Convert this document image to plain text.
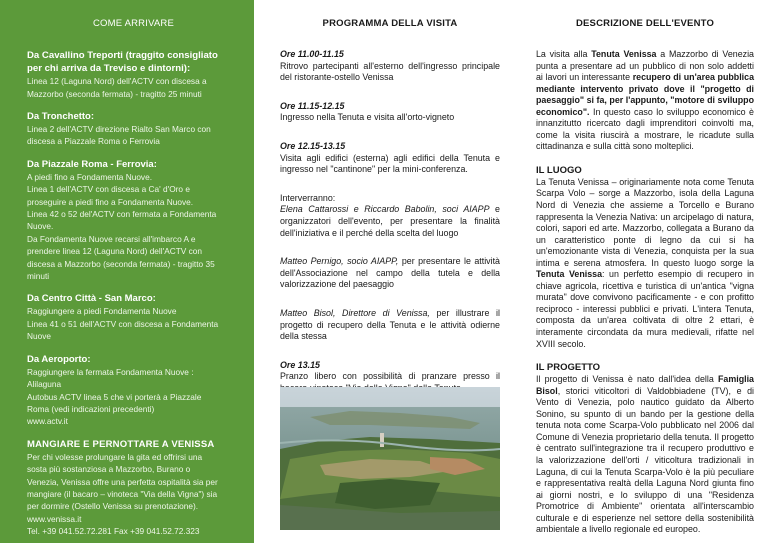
COME ARRIVARE
Da Cavallino Treporti (traggito consigliato
per chi arriva da Treviso e dintorni):
Linea 12 (Laguna Nord) dell'ACTV con discesa a
Mazzorbo (seconda fermata) - tragitto 25 minuti
Da Tronchetto:
Linea 2 dell'ACTV direzione Rialto San Marco con
discesa a Piazzale Roma o Ferrovia
Da Piazzale Roma - Ferrovia:
A piedi fino a Fondamenta Nuove.
Linea 1 dell'ACTV con discesa a Ca' d'Oro e
proseguire a piedi fino a Fondamenta Nuove.
Linea 42 o 52 del'ACTV con fermata a Fondamenta
Nuove.
Da Fondamenta Nuove recarsi all'imbarco A e
prendere linea 12 (Laguna Nord) dell'ACTV con
discesa a Mazzorbo (seconda fermata) - tragitto 35
minuti
Da Centro Città - San Marco:
Raggiungere a piedi Fondamenta Nuove
Linea 41 o 51 dell'ACTV con discesa a Fondamenta
Nuove
Da Aeroporto:
Raggiungere la fermata Fondamenta Nuove :
Alilaguna
Autobus ACTV linea 5 che vi porterà a Piazzale
Roma (vedi indicazioni precedenti)
www.actv.it
MANGIARE E PERNOTTARE A VENISSA
Per chi volesse prolungare la gita ed offrirsi una
sosta più sostanziosa a Mazzorbo, Burano o
Venezia, Venissa offre una perfetta ospitalità sia per
mangiare (il bacaro – vinoteca "Via della Vigna") sia
per dormire (Ostello Venissa su prenotazione).
www.venissa.it
Tel. +39 041.52.72.281 Fax +39 041.52.72.323
PROGRAMMA DELLA VISITA
Ore 11.00-11.15
Ritrovo partecipanti all'esterno dell'ingresso principale del ristorante-ostello Venissa
Ore 11.15-12.15
Ingresso nella Tenuta e visita all'orto-vigneto
Ore 12.15-13.15
Visita agli edifici (esterna) agli edifici della Tenuta e ingresso nel "cantinone" per la mini-conferenza.
Interverranno:
Elena Cattarossi e Riccardo Babolin, soci AIAPP e organizzatori dell'evento, per presentare la finalità dell'iniziativa e il perché della scelta del luogo
Matteo Pernigo, socio AIAPP, per presentare le attività dell'Associazione nel campo della tutela e della valorizzazione del paesaggio
Matteo Bisol, Direttore di Venissa, per illustrare il progetto di recupero della Tenuta e le attività odierne della stessa
Ore 13.15
Pranzo libero con possibilità di pranzare presso il
DESCRIZIONE DELL'EVENTO

La visita alla Tenuta Venissa a Mazzorbo di Venezia punta a presentare ad un pubblico di non solo addetti ai lavori un interessante recupero di un'area pubblica mediante intervento privato dove il "progetto di paesaggio" si fa, per l'appunto, "motore di sviluppo economico". In questo caso lo sviluppo economico è innanzitutto ricercato dagli imprenditori coinvolti ma, come la visita riuscirà a mostrare, le ricadute sulla cittadinanza e sulla città sono molteplici.

IL LUOGO

La Tenuta Venissa – originariamente nota come Tenuta Scarpa Volo – sorge a Mazzorbo, isola della Laguna Nord di Venezia che assieme a Torcello e Burano rappresenta la Venezia Nativa: un arcipelago di natura, colori, sapori ed arte. Mazzorbo, collegata a Burano da un caratteristico ponte di legno da cui si ha un'emozionante vista di Venezia, conquista per la sua intima e serena atmosfera. In questo luogo sorge la Tenuta Venissa: un perfetto esempio di recupero in chiave agricola, ricettiva e turistica di un'antica "vigna murata" dove convivono pacificamente - e con profitto reciproco - interessi pubblici e privati. L'intera Tenuta, composta da un'area coltivata di oltre 2 ettari, è interamente circondata da mura medievali, rifatte nel XVIII secolo.

IL PROGETTO

Il progetto di Venissa è nato dall'idea della Famiglia Bisol, storici viticoltori di Valdobbiadene (TV), e di Vento di Venezia, polo nautico guidato da Alberto Sonino, su spunto di un bando per la gestione della tenuta nota come Scarpa-Volo pubblicato nel 2006 dal Comune di Venezia proprietario della tenuta. Il progetto è centrato sull'integrazione tra il recupero produttivo e la valorizzazione dell'orti / viticoltura tradizionali in Laguna, di cui la Tenuta Scarpa-Volo è la più peculiare e rappresentativa realtà della Laguna Nord giunta fino ai giorni nostri, e lo sviluppo di una "Residenza Promotrice di Ambiente" orientata all'interscambio culturale e di esperienze nel settore della sostenibilità ambientale a livello regionale ed europeo.
